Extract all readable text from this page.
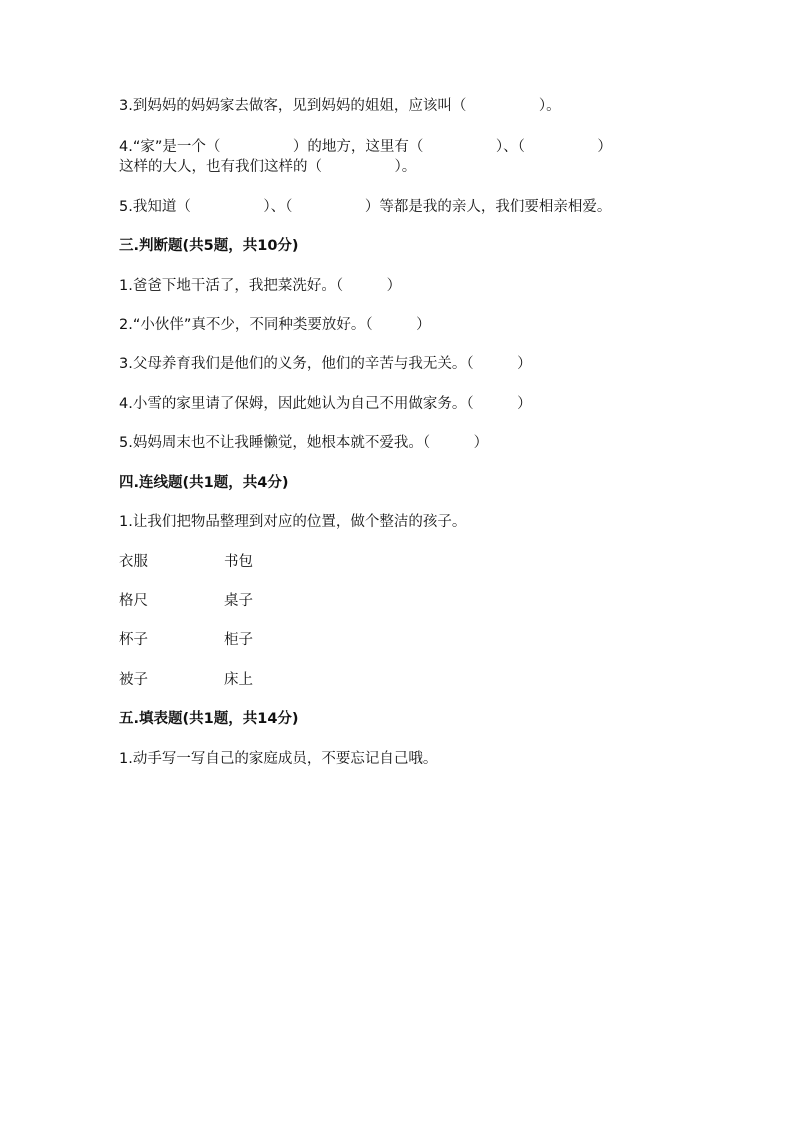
3.到妈妈的妈妈家去做客，见到妈妈的姐姐，应该叫（　　　　　）。
4.“家”是一个（　　　　　）的地方，这里有（　　　　　）、（　　　　　）
这样的大人，也有我们这样的（　　　　　）。
5.我知道（　　　　　）、（　　　　　）等都是我的亲人，我们要相亲相爱。
三.判断题(共5题，共10分)
1.爸爸下地干活了，我把菜洗好。（　　　）
2.“小伙伴”真不少，不同种类要放好。（　　　）
3.父母养育我们是他们的义务，他们的辛苦与我无关。（　　　）
4.小雪的家里请了保姆，因此她认为自己不用做家务。（　　　）
5.妈妈周末也不让我睡懒觉，她根本就不爱我。（　　　）
四.连线题(共1题，共4分)
1.让我们把物品整理到对应的位置，做个整洁的孩子。
衣服	书包
格尺	桌子
杯子	柜子
被子	床上
五.填表题(共1题，共14分)
1.动手写一写自己的家庭成员，不要忘记自己哦。
